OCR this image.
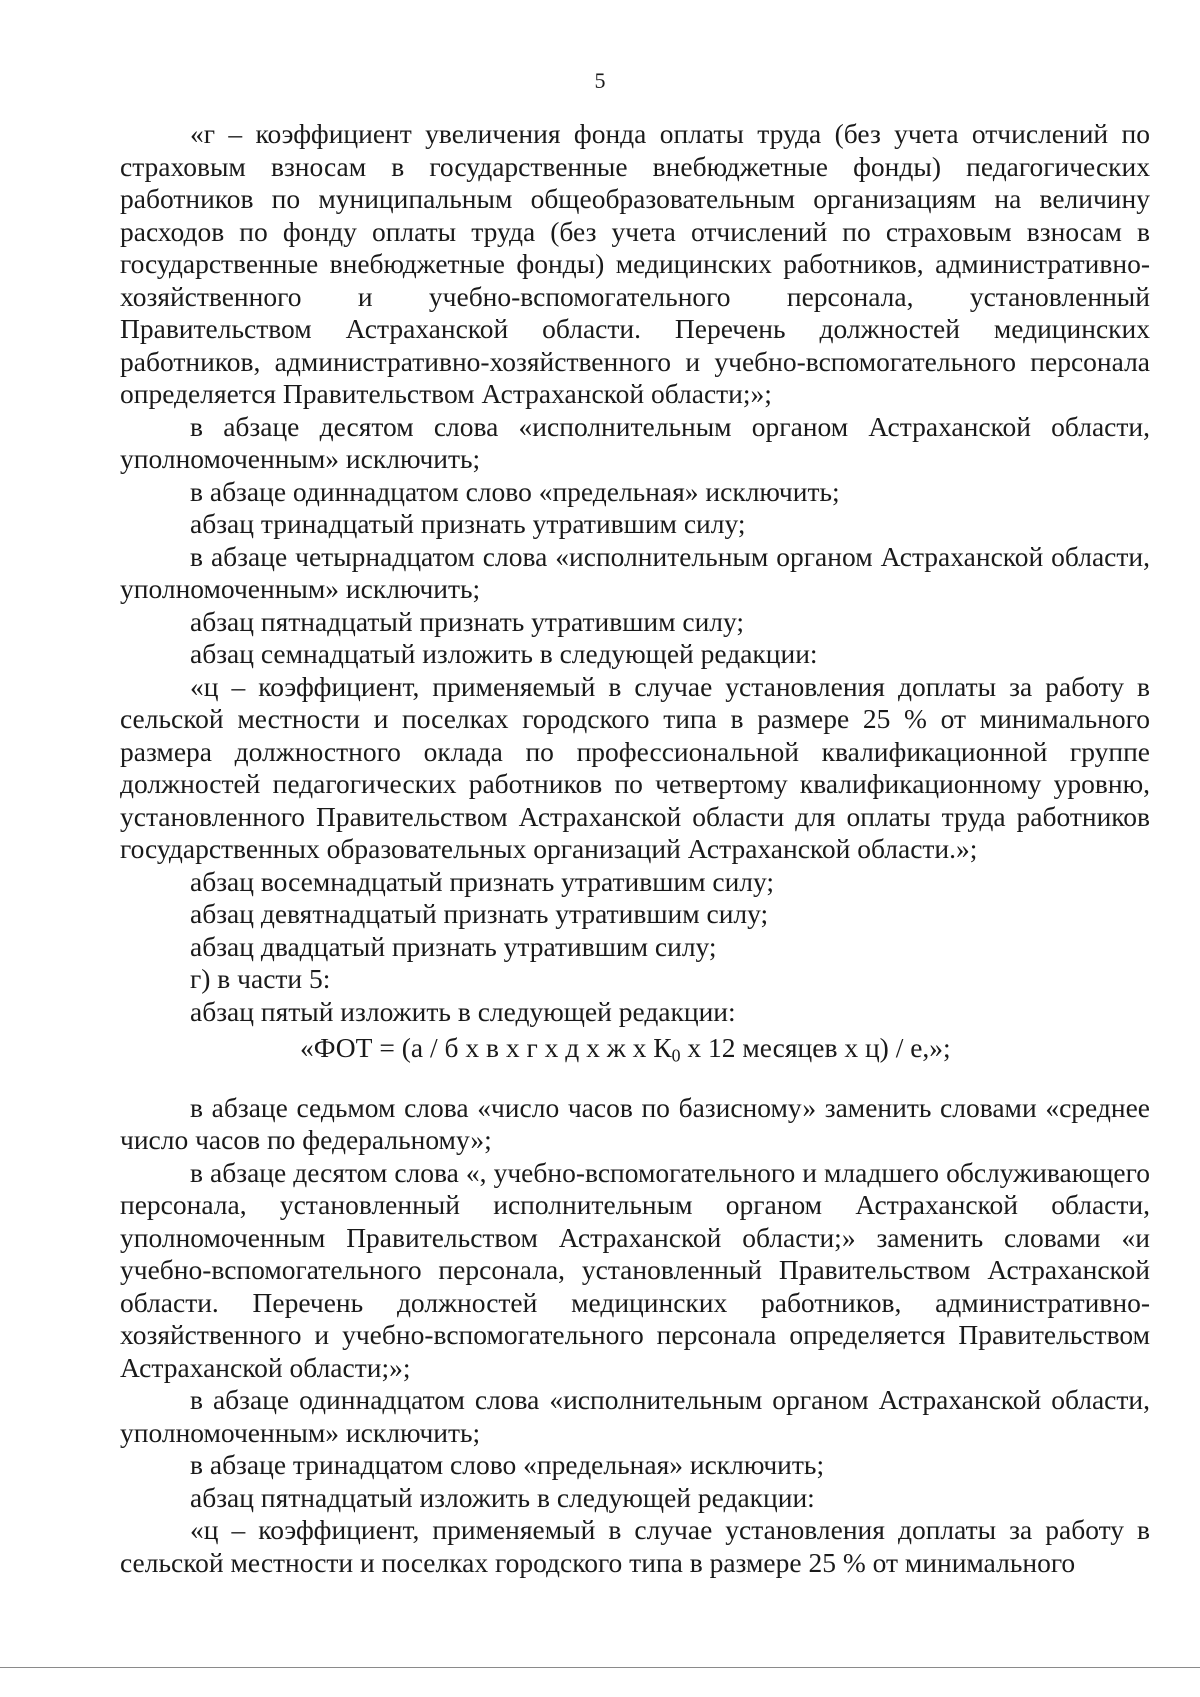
5

«г – коэффициент увеличения фонда оплаты труда (без учета отчислений по страховым взносам в государственные внебюджетные фонды) педагогических работников по муниципальным общеобразовательным организациям на величину расходов по фонду оплаты труда (без учета отчислений по страховым взносам в государственные внебюджетные фонды) медицинских работников, административно-хозяйственного и учебно-вспомогательного персонала, установленный Правительством Астраханской области. Перечень должностей медицинских работников, административно-хозяйственного и учебно-вспомогательного персонала определяется Правительством Астраханской области;»;

в абзаце десятом слова «исполнительным органом Астраханской области, уполномоченным» исключить;

в абзаце одиннадцатом слово «предельная» исключить;

абзац тринадцатый признать утратившим силу;

в абзаце четырнадцатом слова «исполнительным органом Астраханской области, уполномоченным» исключить;

абзац пятнадцатый признать утратившим силу;

абзац семнадцатый изложить в следующей редакции:

«ц – коэффициент, применяемый в случае установления доплаты за работу в сельской местности и поселках городского типа в размере 25 % от минимального размера должностного оклада по профессиональной квалификационной группе должностей педагогических работников по четвертому квалификационному уровню, установленного Правительством Астраханской области для оплаты труда работников государственных образовательных организаций Астраханской области.»;

абзац восемнадцатый признать утратившим силу;

абзац девятнадцатый признать утратившим силу;

абзац двадцатый признать утратившим силу;

г) в части 5:

абзац пятый изложить в следующей редакции:

«ФОТ = (а / б х в х г х д х ж х К0 х 12 месяцев х ц) / е,»;

в абзаце седьмом слова «число часов по базисному» заменить словами «среднее число часов по федеральному»;

в абзаце десятом слова «, учебно-вспомогательного и младшего обслуживающего персонала, установленный исполнительным органом Астраханской области, уполномоченным Правительством Астраханской области;» заменить словами «и учебно-вспомогательного персонала, установленный Правительством Астраханской области. Перечень должностей медицинских работников, административно-хозяйственного и учебно-вспомогательного персонала определяется Правительством Астраханской области;»;

в абзаце одиннадцатом слова «исполнительным органом Астраханской области, уполномоченным» исключить;

в абзаце тринадцатом слово «предельная» исключить;

абзац пятнадцатый изложить в следующей редакции:

«ц – коэффициент, применяемый в случае установления доплаты за работу в сельской местности и поселках городского типа в размере 25 % от минимального
